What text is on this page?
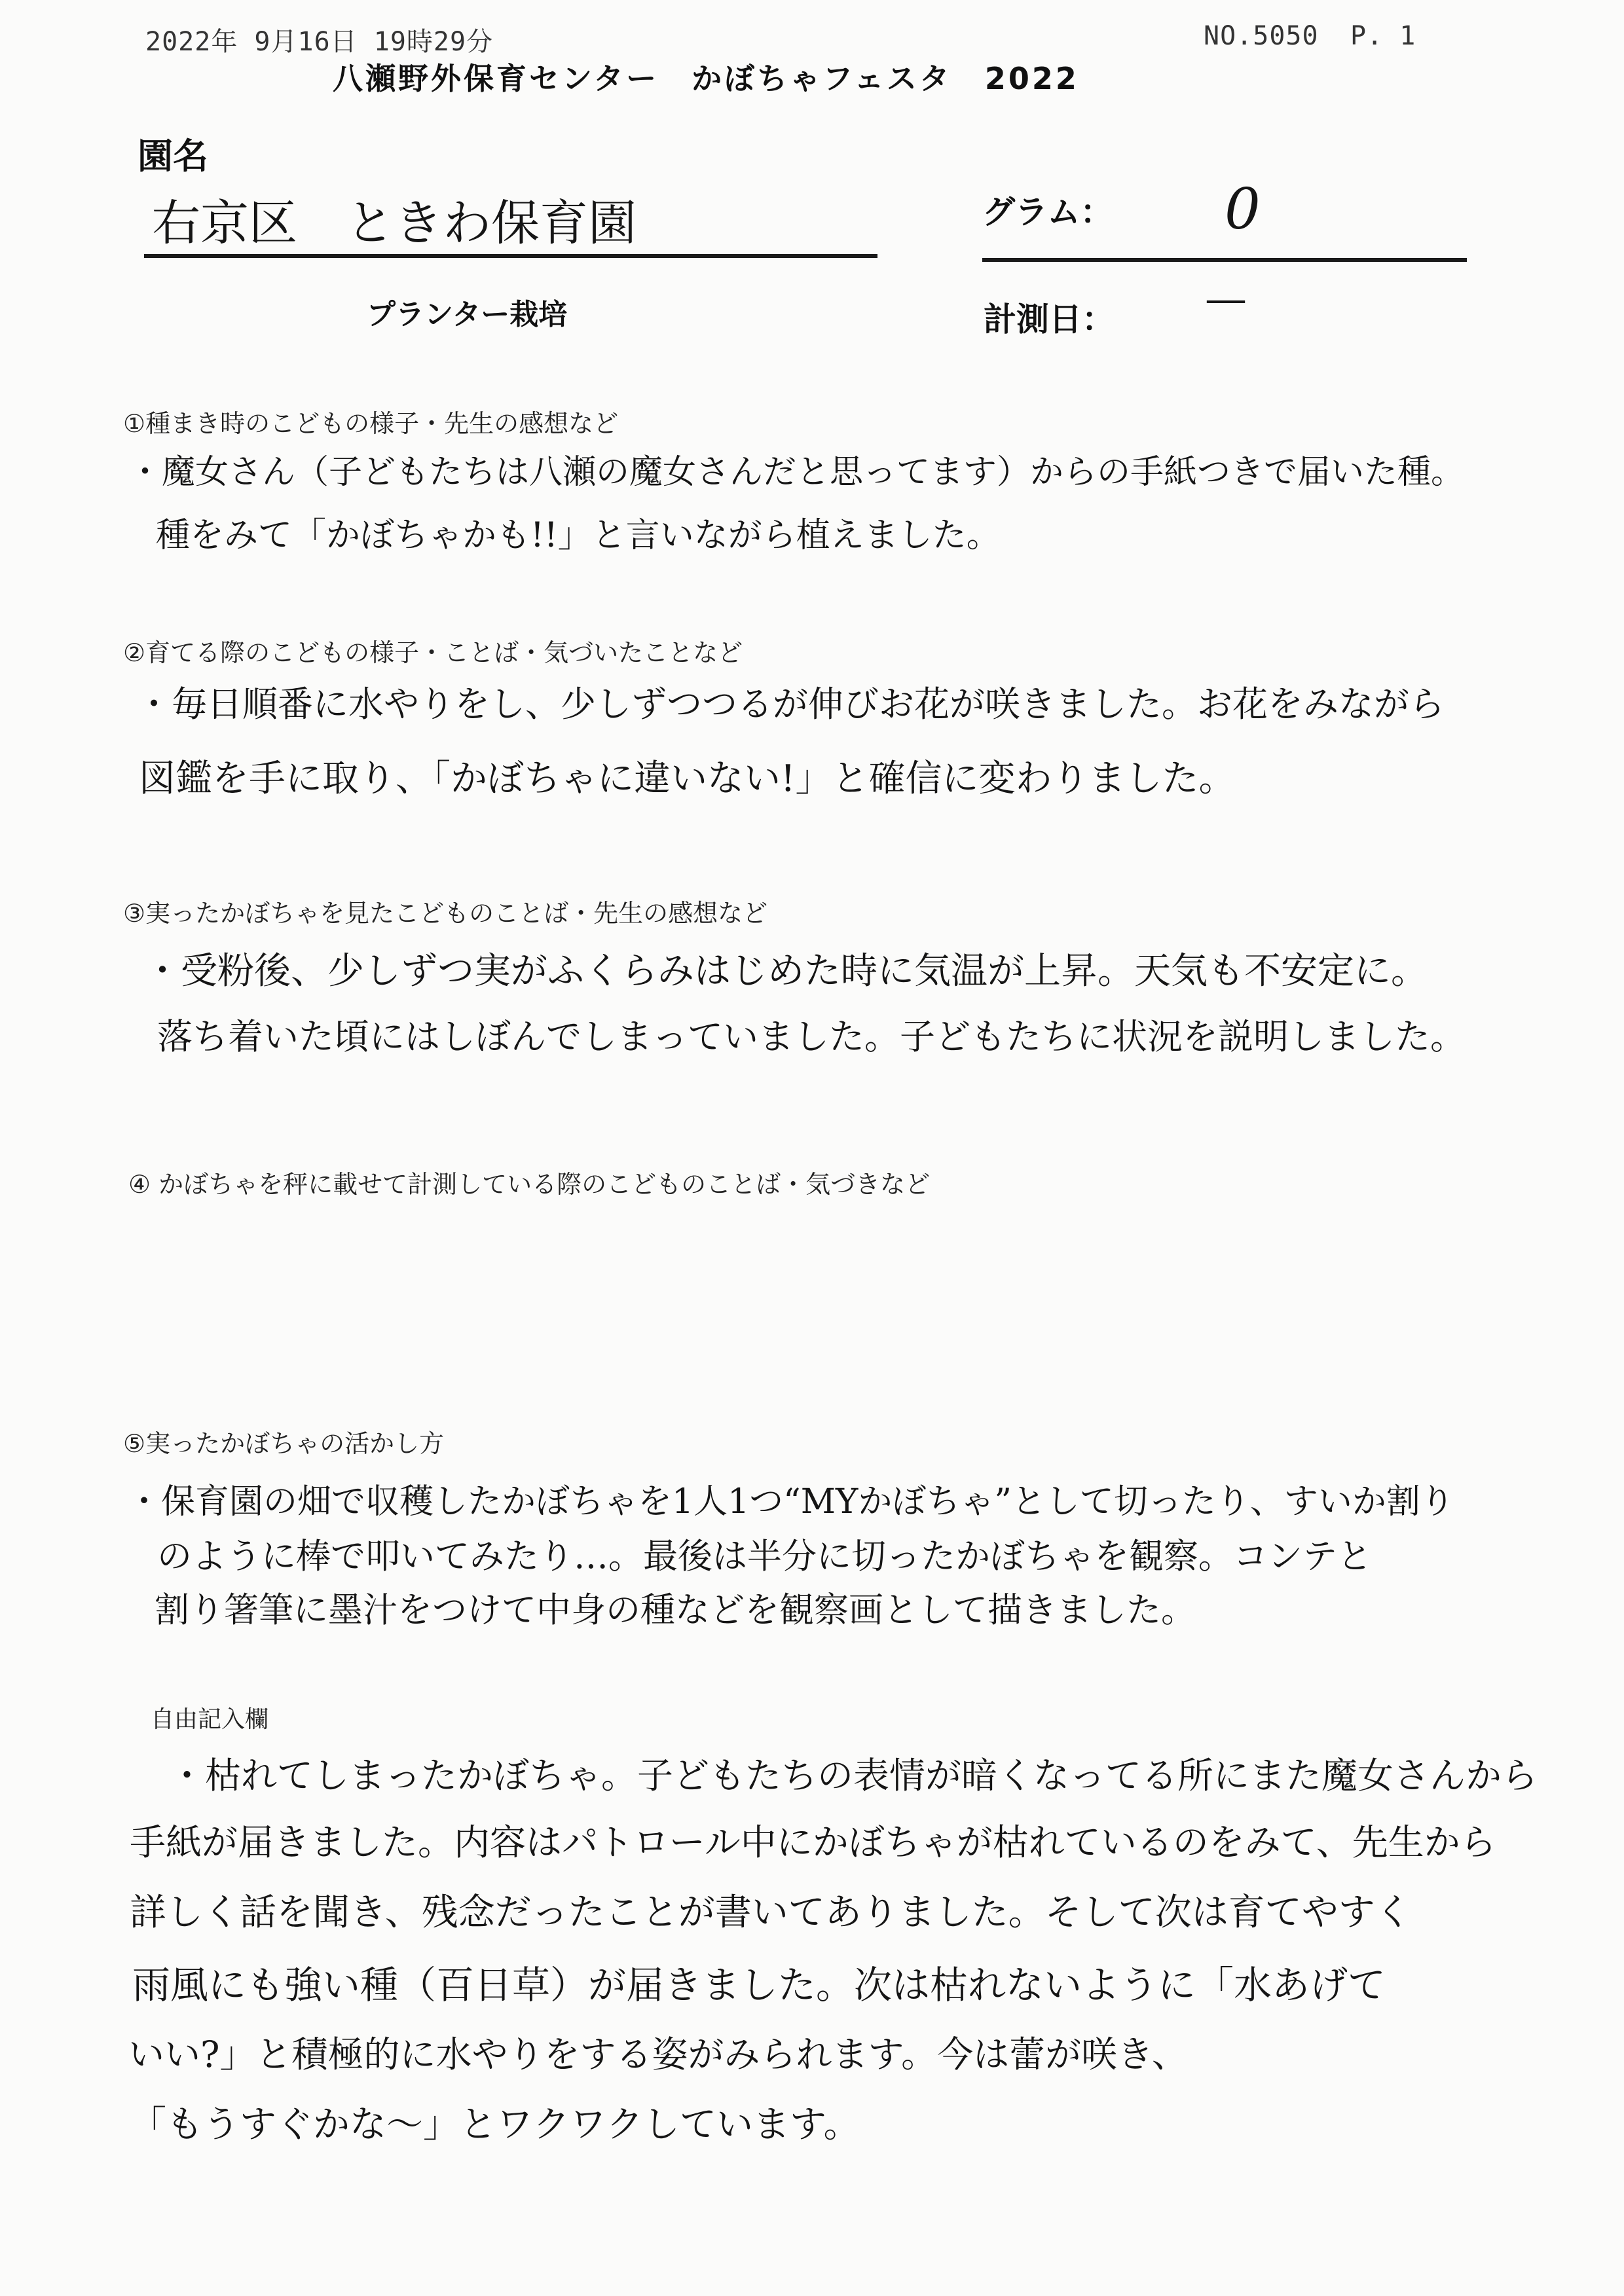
2022年 9月16日 19時29分	NO.5050 P. 1
八瀬野外保育センター　かぼちゃフェスタ　2022
園名
右京区　ときわ保育園	グラム： 0
プランター栽培	計測日： —
①種まき時のこどもの様子・先生の感想など
・魔女さん（子どもたちは八瀬の魔女さんだと思ってます）からの手紙つきで届いた種。
種をみて「かぼちゃかも!!」と言いながら植えました。
②育てる際のこどもの様子・ことば・気づいたことなど
・毎日順番に水やりをし、少しずつつるが伸びお花が咲きました。お花をみながら
図鑑を手に取り、「かぼちゃに違いない!」と確信に変わりました。
③実ったかぼちゃを見たこどものことば・先生の感想など
・受粉後、少しずつ実がふくらみはじめた時に気温が上昇。天気も不安定に。
落ち着いた頃にはしぼんでしまっていました。子どもたちに状況を説明しました。
④ かぼちゃを秤に載せて計測している際のこどものことば・気づきなど
⑤実ったかぼちゃの活かし方
・保育園の畑で収穫したかぼちゃを1人1つ“MYかぼちゃ”として切ったり、すいか割り
のように棒で叩いてみたり…。最後は半分に切ったかぼちゃを観察。コンテと
割り箸筆に墨汁をつけて中身の種などを観察画として描きました。
自由記入欄
・枯れてしまったかぼちゃ。子どもたちの表情が暗くなってる所にまた魔女さんから
手紙が届きました。内容はパトロール中にかぼちゃが枯れているのをみて、先生から
詳しく話を聞き、残念だったことが書いてありました。そして次は育てやすく
雨風にも強い種（百日草）が届きました。次は枯れないように「水あげて
いい?」と積極的に水やりをする姿がみられます。今は蕾が咲き、
「もうすぐかな〜」とワクワクしています。
